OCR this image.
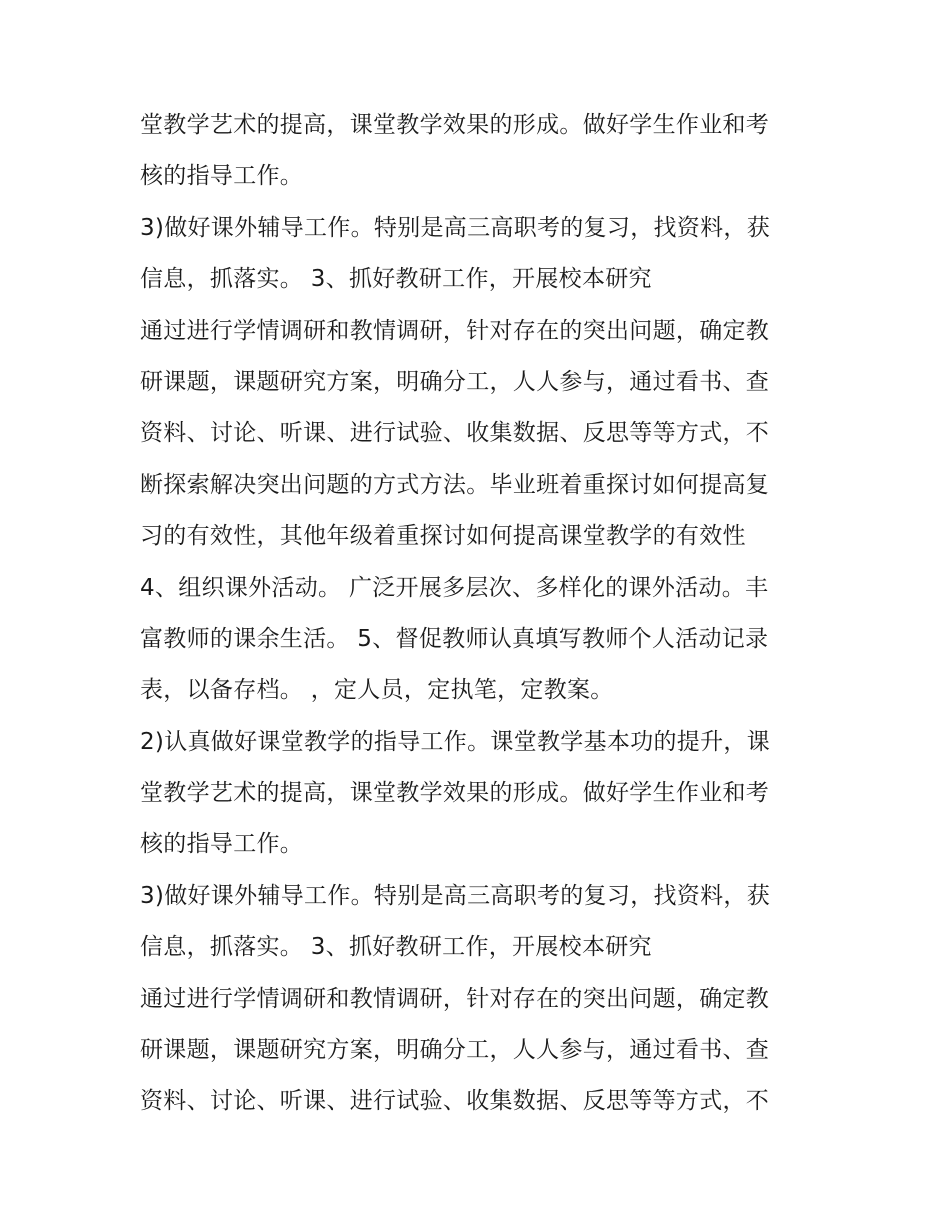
堂教学艺术的提高，课堂教学效果的形成。做好学生作业和考
核的指导工作。
3)做好课外辅导工作。特别是高三高职考的复习，找资料，获
信息，抓落实。 3、抓好教研工作，开展校本研究
通过进行学情调研和教情调研，针对存在的突出问题，确定教
研课题，课题研究方案，明确分工，人人参与，通过看书、查
资料、讨论、听课、进行试验、收集数据、反思等等方式，不
断探索解决突出问题的方式方法。毕业班着重探讨如何提高复
习的有效性，其他年级着重探讨如何提高课堂教学的有效性
4、组织课外活动。 广泛开展多层次、多样化的课外活动。丰
富教师的课余生活。 5、督促教师认真填写教师个人活动记录
表，以备存档。 ，定人员，定执笔，定教案。
2)认真做好课堂教学的指导工作。课堂教学基本功的提升，课
堂教学艺术的提高，课堂教学效果的形成。做好学生作业和考
核的指导工作。
3)做好课外辅导工作。特别是高三高职考的复习，找资料，获
信息，抓落实。 3、抓好教研工作，开展校本研究
通过进行学情调研和教情调研，针对存在的突出问题，确定教
研课题，课题研究方案，明确分工，人人参与，通过看书、查
资料、讨论、听课、进行试验、收集数据、反思等等方式，不
